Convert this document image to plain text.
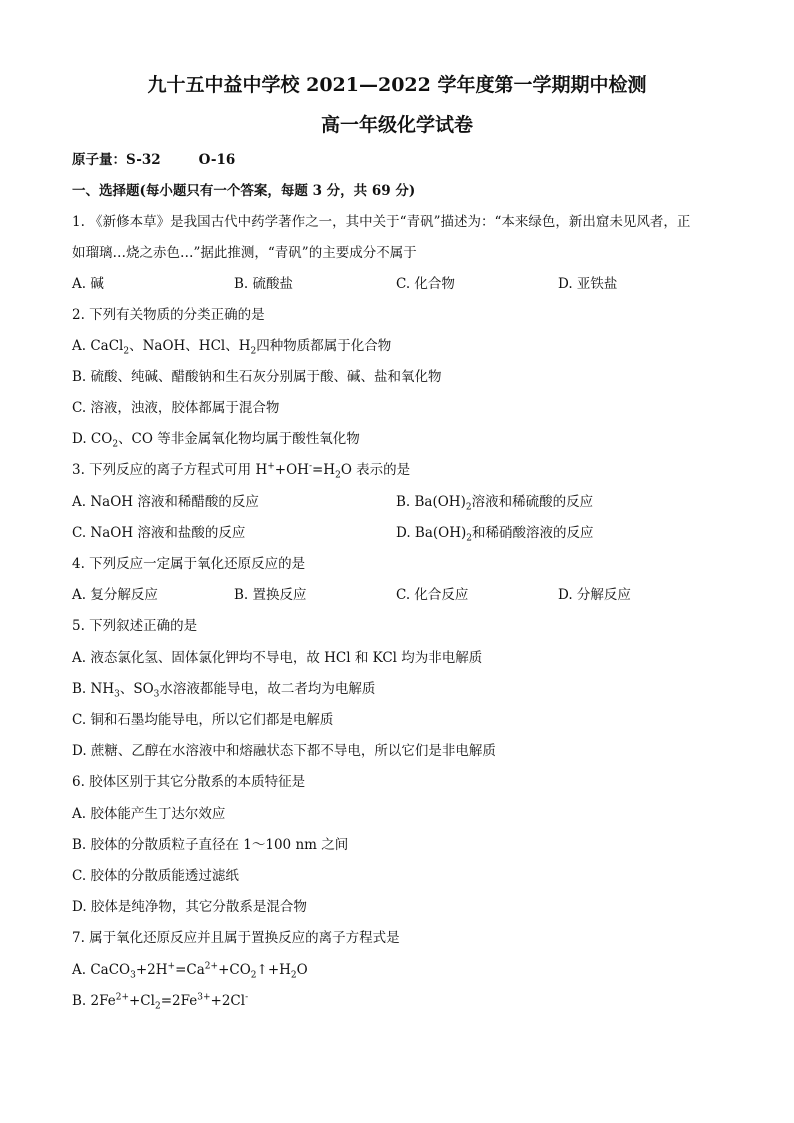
九十五中益中学校 2021—2022 学年度第一学期期中检测
高一年级化学试卷
原子量：S-32	O-16
一、选择题(每小题只有一个答案，每题 3 分，共 69 分)
1. 《新修本草》是我国古代中药学著作之一，其中关于“青矾”描述为：“本来绿色，新出窟未见风者，正
如瑠璃…烧之赤色…”据此推测，“青矾”的主要成分不属于
A. 碱	B. 硫酸盐	C. 化合物	D. 亚铁盐
2. 下列有关物质的分类正确的是
A. CaCl$_2$、NaOH、HCl、$H_2$四种物质都属于化合物
B. 硫酸、纯碱、醋酸钠和生石灰分别属于酸、碱、盐和氧化物
C. 溶液，浊液，胶体都属于混合物
D. $CO_2$、CO 等非金属氧化物均属于酸性氧化物
3. 下列反应的离子方程式可用 $H^++OH^-=H_2O$ 表示的是
A. NaOH 溶液和稀醋酸的反应	B. $Ba(OH)_2$溶液和稀硫酸的反应
C. NaOH 溶液和盐酸的反应	D. $Ba(OH)_2$和稀硝酸溶液的反应
4. 下列反应一定属于氧化还原反应的是
A. 复分解反应	B. 置换反应	C. 化合反应	D. 分解反应
5. 下列叙述正确的是
A. 液态氯化氢、固体氯化钾均不导电，故 HCl 和 KCl 均为非电解质
B. $NH_3$、$SO_3$水溶液都能导电，故二者均为电解质
C. 铜和石墨均能导电，所以它们都是电解质
D. 蔗糖、乙醇在水溶液中和熔融状态下都不导电，所以它们是非电解质
6. 胶体区别于其它分散系的本质特征是
A. 胶体能产生丁达尔效应
B. 胶体的分散质粒子直径在 1～100 nm 之间
C. 胶体的分散质能透过滤纸
D. 胶体是纯净物，其它分散系是混合物
7. 属于氧化还原反应并且属于置换反应的离子方程式是
A. $CaCO_3+2H^+=Ca^{2+}+CO_2↑+H_2O$
B. $2Fe^{2+}+Cl_2=2Fe^{3+}+2Cl^-$
